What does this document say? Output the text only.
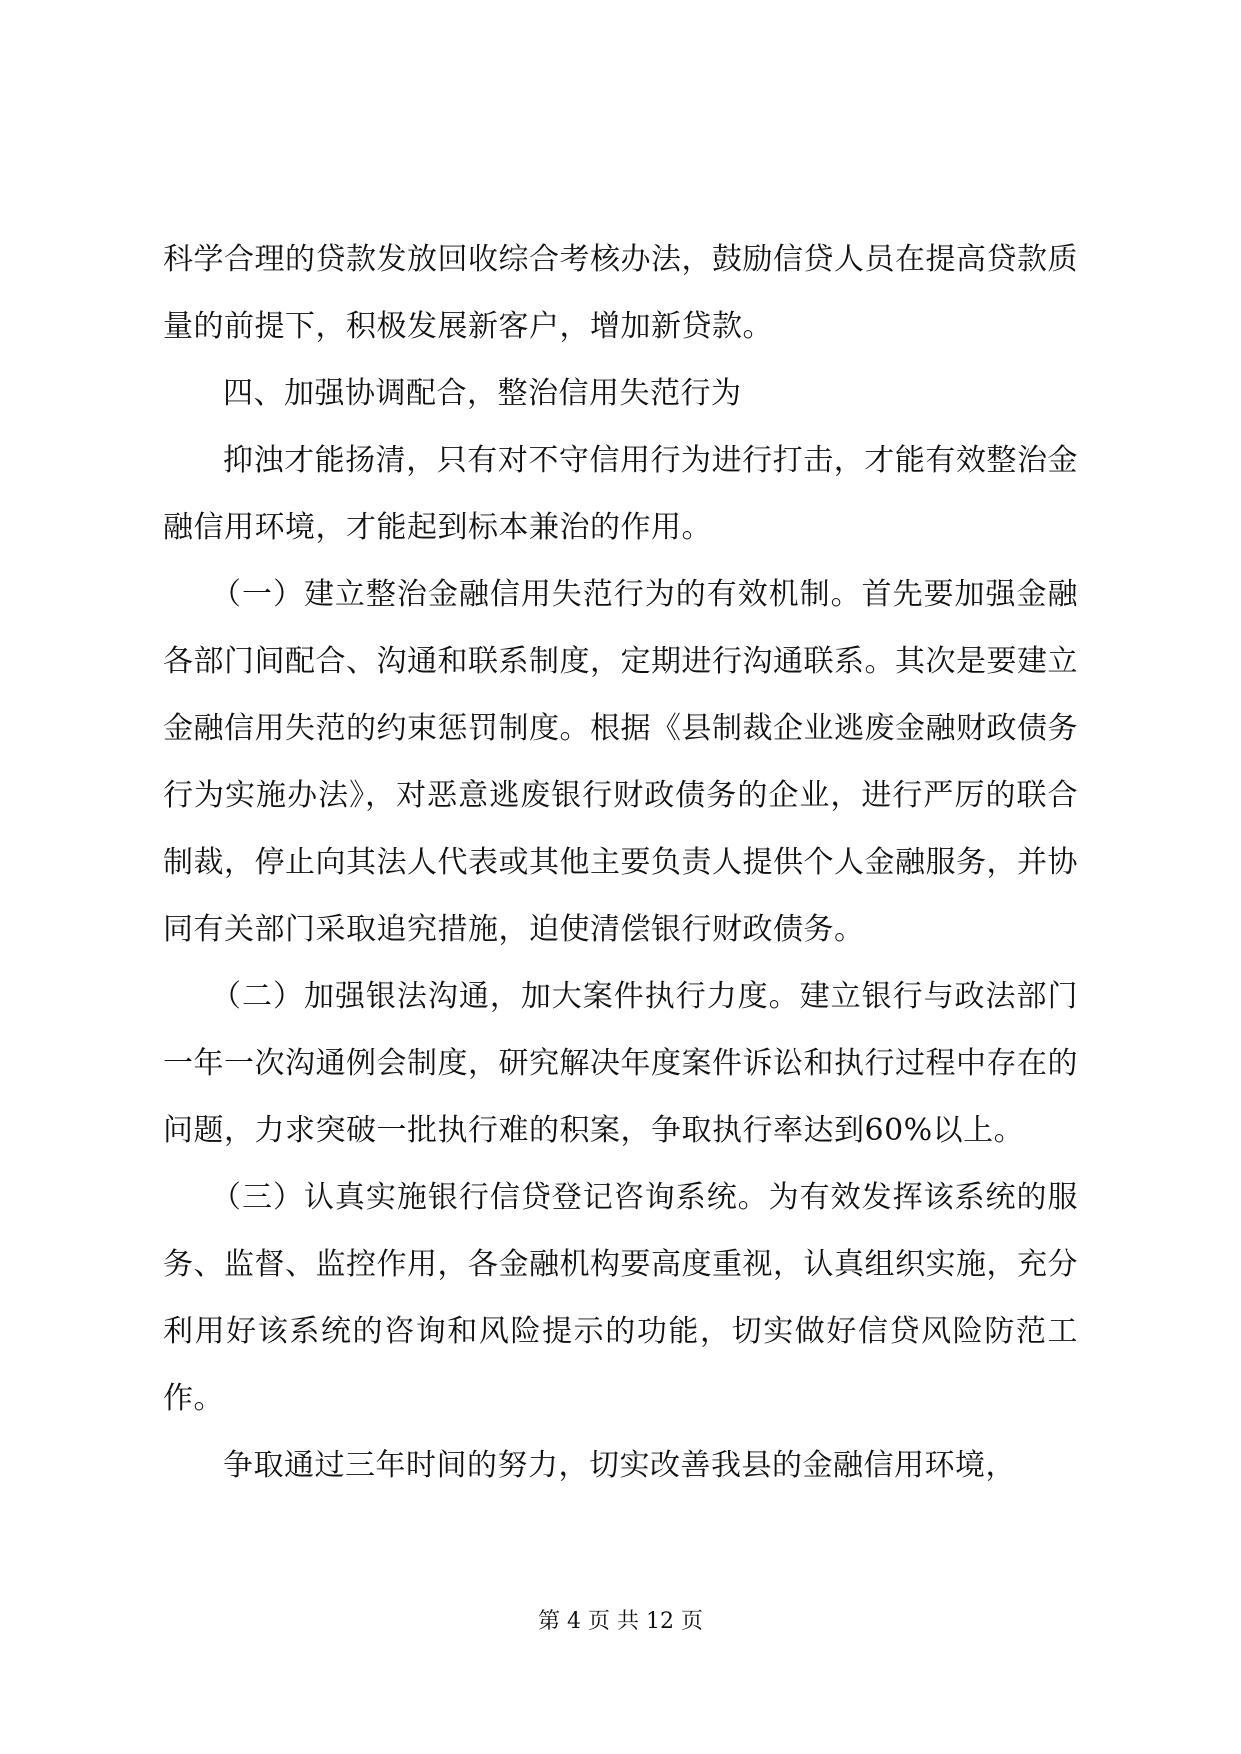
科学合理的贷款发放回收综合考核办法，鼓励信贷人员在提高贷款质量的前提下，积极发展新客户，增加新贷款。

四、加强协调配合，整治信用失范行为

抑浊才能扬清，只有对不守信用行为进行打击，才能有效整治金融信用环境，才能起到标本兼治的作用。

（一）建立整治金融信用失范行为的有效机制。首先要加强金融各部门间配合、沟通和联系制度，定期进行沟通联系。其次是要建立金融信用失范的约束惩罚制度。根据《县制裁企业逃废金融财政债务行为实施办法》，对恶意逃废银行财政债务的企业，进行严厉的联合制裁，停止向其法人代表或其他主要负责人提供个人金融服务，并协同有关部门采取追究措施，迫使清偿银行财政债务。

（二）加强银法沟通，加大案件执行力度。建立银行与政法部门一年一次沟通例会制度，研究解决年度案件诉讼和执行过程中存在的问题，力求突破一批执行难的积案，争取执行率达到60%以上。

（三）认真实施银行信贷登记咨询系统。为有效发挥该系统的服务、监督、监控作用，各金融机构要高度重视，认真组织实施，充分利用好该系统的咨询和风险提示的功能，切实做好信贷风险防范工作。

争取通过三年时间的努力，切实改善我县的金融信用环境，

第 4 页 共 12 页
